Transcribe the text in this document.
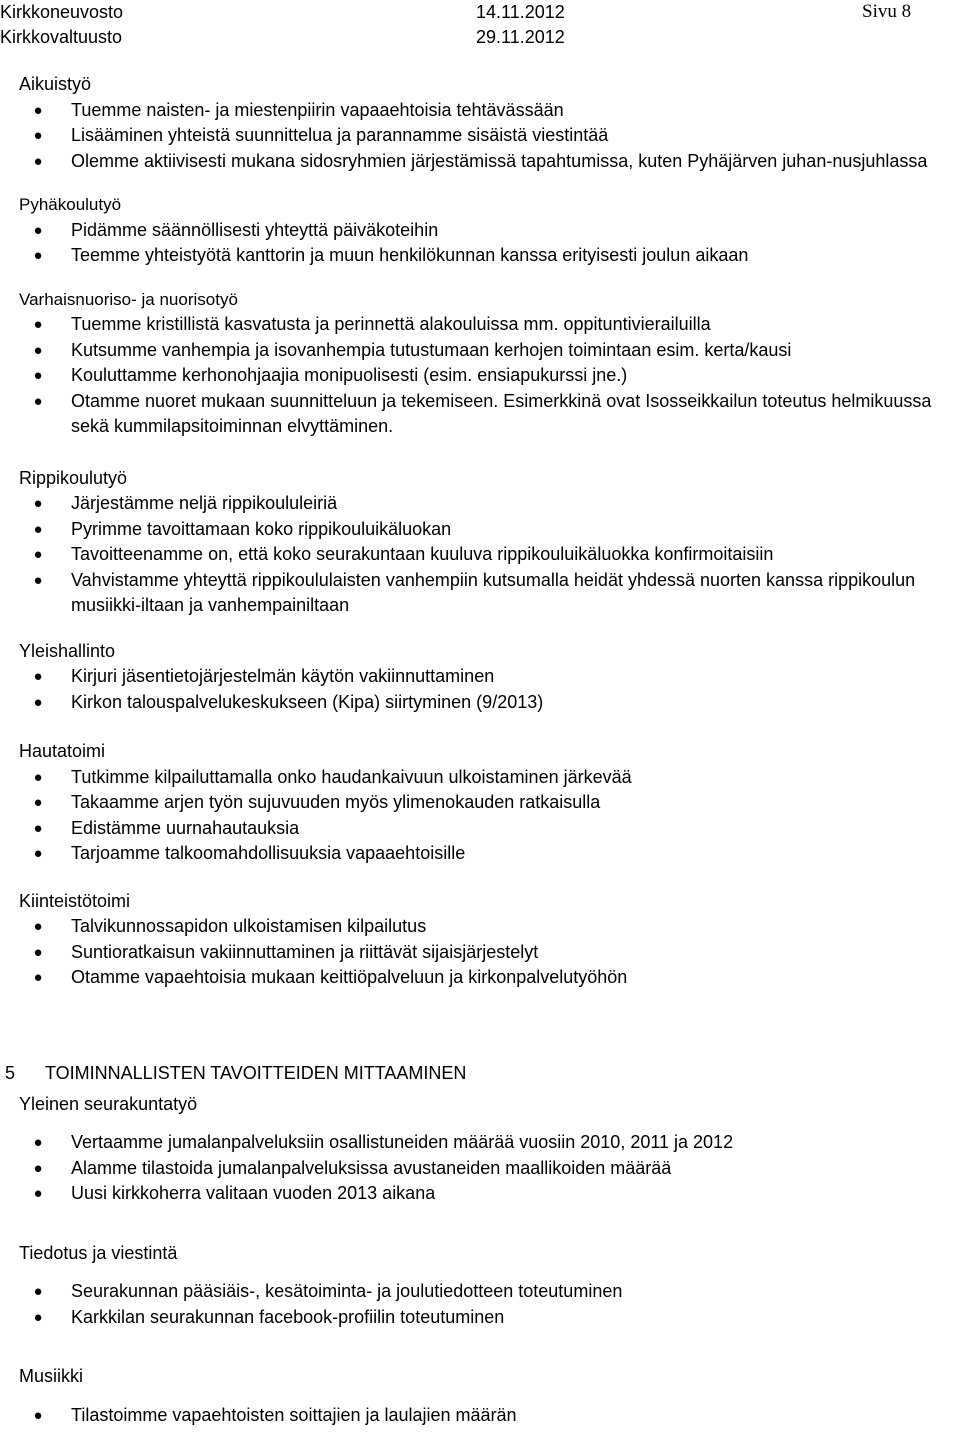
Kirkkoneuvosto	14.11.2012	Sivu 8
Kirkkovaltuusto	29.11.2012
Aikuistyö
● Tuemme naisten- ja miestenpiirin vapaaehtoisia tehtävässään
● Lisääminen yhteistä suunnittelua ja parannamme sisäistä viestintää
● Olemme aktiivisesti mukana sidosryhmien järjestämissä tapahtumissa, kuten Pyhäjärven juhan-nusjuhlassa
Pyhäkoulutyö
● Pidämme säännöllisesti yhteyttä päiväkoteihin
● Teemme yhteistyötä kanttorin ja muun henkilökunnan kanssa erityisesti joulun aikaan
Varhaisnuoriso- ja nuorisotyö
● Tuemme kristillistä kasvatusta ja perinnettä alakouluissa mm. oppituntivierailuilla
● Kutsumme vanhempia ja isovanhempia tutustumaan kerhojen toimintaan esim. kerta/kausi
● Kouluttamme kerhonohjaajia monipuolisesti (esim. ensiapukurssi jne.)
● Otamme nuoret mukaan suunnitteluun ja tekemiseen. Esimerkkinä ovat Isosseikkailun toteutus helmikuussa sekä kummilapsitoiminnan elvyttäminen.
Rippikoulutyö
● Järjestämme neljä rippikoululeiriä
● Pyrimme tavoittamaan koko rippikouluikäluokan
● Tavoitteenamme on, että koko seurakuntaan kuuluva rippikouluikäluokka konfirmoitaisiin
● Vahvistamme yhteyttä rippikoululaisten vanhempiin kutsumalla heidät yhdessä nuorten kanssa rippikoulun musiikki-iltaan ja vanhempainiltaan
Yleishallinto
● Kirjuri jäsentietojärjestelmän käytön vakiinnuttaminen
● Kirkon talouspalvelukeskukseen (Kipa) siirtyminen (9/2013)
Hautatoimi
● Tutkimme kilpailuttamalla onko haudankaivuun ulkoistaminen järkevää
● Takaamme arjen työn sujuvuuden myös ylimenokauden ratkaisulla
● Edistämme uurnahautauksia
● Tarjoamme talkoomahdollisuuksia vapaaehtoisille
Kiinteistötoimi
● Talvikunnossapidon ulkoistamisen kilpailutus
● Suntioratkaisun vakiinnuttaminen ja riittävät sijaisjärjestelyt
● Otamme vapaehtoisia mukaan keittiöpalveluun ja kirkonpalvelutyöhön
5	TOIMINNALLISTEN TAVOITTEIDEN MITTAAMINEN
Yleinen seurakuntatyö
● Vertaamme jumalanpalveluksiin osallistuneiden määrää vuosiin 2010, 2011 ja 2012
● Alamme tilastoida jumalanpalveluksissa avustaneiden maallikoiden määrää
● Uusi kirkkoherra valitaan vuoden 2013 aikana
Tiedotus ja viestintä
● Seurakunnan pääsiäis-, kesätoiminta- ja joulutiedotteen toteutuminen
● Karkkilan seurakunnan facebook-profiilin toteutuminen
Musiikki
● Tilastoimme vapaehtoisten soittajien ja laulajien määrän
